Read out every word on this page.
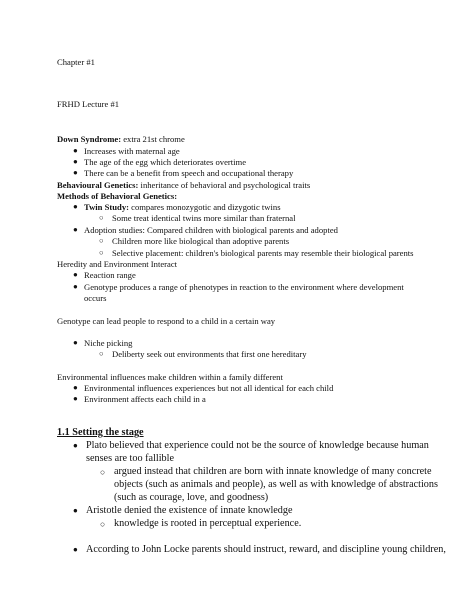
Chapter #1
FRHD Lecture #1
Down Syndrome: extra 21st chrome
● Increases with maternal age
● The age of the egg which deteriorates overtime
● There can be a benefit from speech and occupational therapy
Behavioural Genetics: inheritance of behavioral and psychological traits
Methods of Behavioral Genetics:
● Twin Study: compares monozygotic and dizygotic twins
○ Some treat identical twins more similar than fraternal
● Adoption studies: Compared children with biological parents and adopted
○ Children more like biological than adoptive parents
○ Selective placement: children's biological parents may resemble their biological parents
Heredity and Environment Interact
● Reaction range
● Genotype produces a range of phenotypes in reaction to the environment where development
occurs
Genotype can lead people to respond to a child in a certain way
● Niche picking
○ Deliberty seek out environments that first one hereditary
Environmental influences make children within a family different
● Environmental influences experiences but not all identical for each child
● Environment affects each child in a
1.1 Setting the stage
● Plato believed that experience could not be the source of knowledge because human
senses are too fallible
○ argued instead that children are born with innate knowledge of many concrete
objects (such as animals and people), as well as with knowledge of abstractions
(such as courage, love, and goodness)
● Aristotle denied the existence of innate knowledge
○ knowledge is rooted in perceptual experience.
● According to John Locke parents should instruct, reward, and discipline young children,
